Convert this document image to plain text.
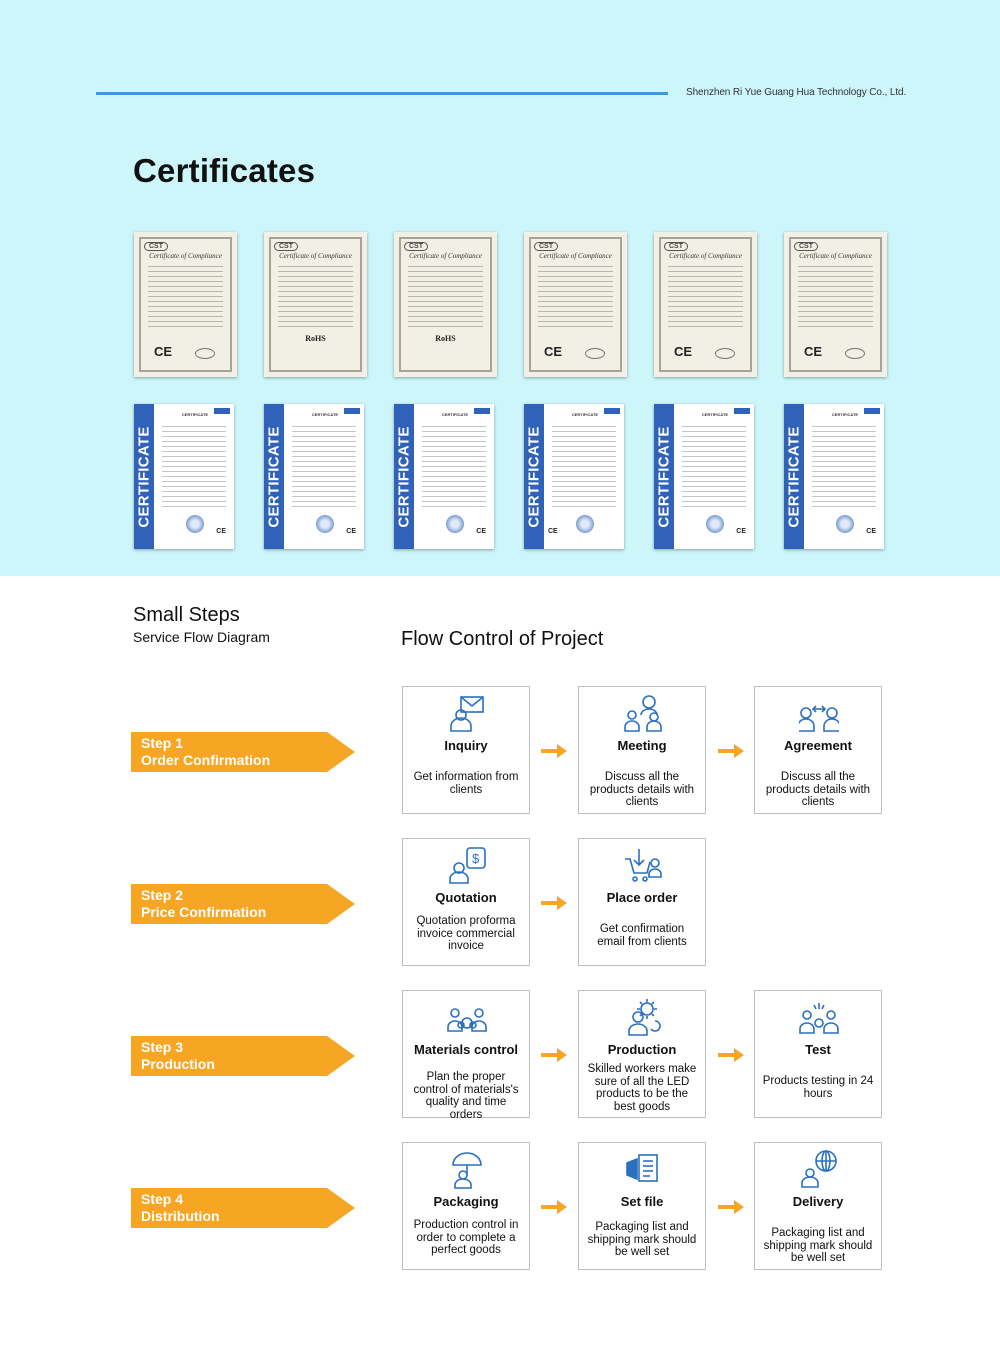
Shenzhen Ri Yue Guang Hua Technology Co., Ltd.
Certificates
CST
Certificate of Compliance
CE
CST
Certificate of Compliance
RoHS
CST
Certificate of Compliance
RoHS
CST
Certificate of Compliance
CE
CST
Certificate of Compliance
CE
CST
Certificate of Compliance
CE
CERTIFICATE
CERTIFICATE
CE
CERTIFICATE
CERTIFICATE
CE
CERTIFICATE
CERTIFICATE
CE
CERTIFICATE
CERTIFICATE
CE
CERTIFICATE
CERTIFICATE
CE
CERTIFICATE
CERTIFICATE
CE
Small Steps
Service Flow Diagram	Flow Control of Project
Step 1
Order Confirmation
Step 2
Price Confirmation
Step 3
Production
Step 4
Distribution
Inquiry
Get information from clients
Meeting
Discuss all the products details with clients
Agreement
Discuss all the products details with clients
$
Quotation
Quotation proforma invoice commercial invoice
Place order
Get confirmation email from clients
Materials control
Plan the proper control of materials's quality and time orders
Production
Skilled workers make sure of all the LED products to be the best goods
Test
Products testing in 24 hours
Packaging
Production control in order to complete a perfect goods
Set file
Packaging list and shipping mark should be well set
Delivery
Packaging list and shipping mark should be well set
